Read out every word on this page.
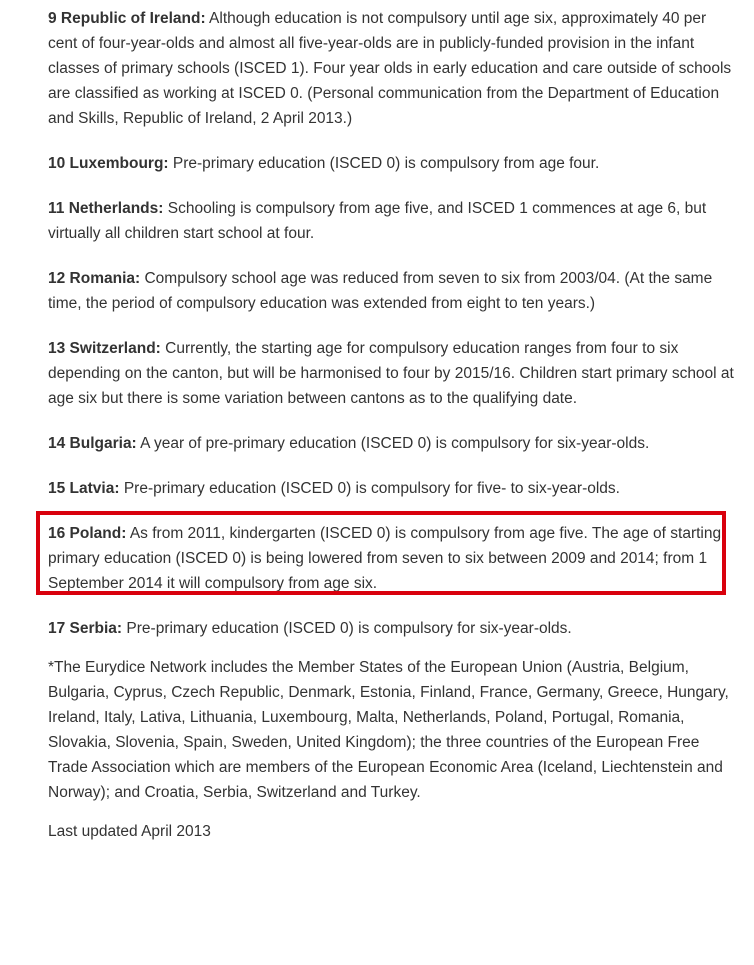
9 Republic of Ireland: Although education is not compulsory until age six, approximately 40 per cent of four-year-olds and almost all five-year-olds are in publicly-funded provision in the infant classes of primary schools (ISCED 1). Four year olds in early education and care outside of schools are classified as working at ISCED 0. (Personal communication from the Department of Education and Skills, Republic of Ireland, 2 April 2013.)

10 Luxembourg: Pre-primary education (ISCED 0) is compulsory from age four.

11 Netherlands: Schooling is compulsory from age five, and ISCED 1 commences at age 6, but virtually all children start school at four.

12 Romania: Compulsory school age was reduced from seven to six from 2003/04. (At the same time, the period of compulsory education was extended from eight to ten years.)

13 Switzerland: Currently, the starting age for compulsory education ranges from four to six depending on the canton, but will be harmonised to four by 2015/16. Children start primary school at age six but there is some variation between cantons as to the qualifying date.

14 Bulgaria: A year of pre-primary education (ISCED 0) is compulsory for six-year-olds.

15 Latvia: Pre-primary education (ISCED 0) is compulsory for five- to six-year-olds.

16 Poland: As from 2011, kindergarten (ISCED 0) is compulsory from age five. The age of starting primary education (ISCED 0) is being lowered from seven to six between 2009 and 2014; from 1 September 2014 it will compulsory from age six.

17 Serbia: Pre-primary education (ISCED 0) is compulsory for six-year-olds.

*The Eurydice Network includes the Member States of the European Union (Austria, Belgium, Bulgaria, Cyprus, Czech Republic, Denmark, Estonia, Finland, France, Germany, Greece, Hungary, Ireland, Italy, Lativa, Lithuania, Luxembourg, Malta, Netherlands, Poland, Portugal, Romania, Slovakia, Slovenia, Spain, Sweden, United Kingdom); the three countries of the European Free Trade Association which are members of the European Economic Area (Iceland, Liechtenstein and Norway); and Croatia, Serbia, Switzerland and Turkey.

Last updated April 2013
